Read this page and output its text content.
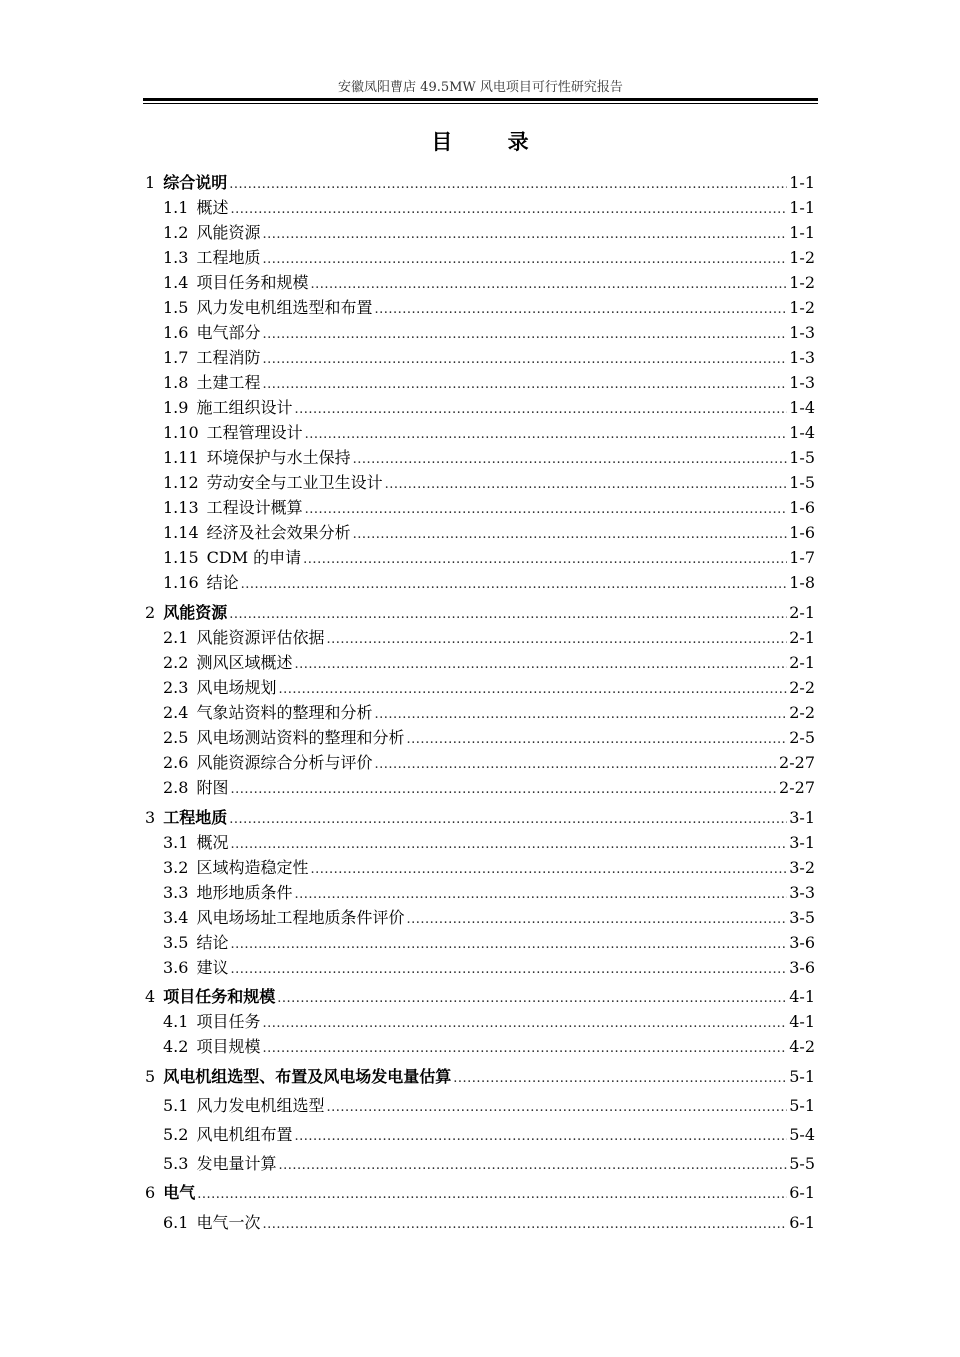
安徽凤阳曹店 49.5MW 风电项目可行性研究报告
目 录
1 综合说明 .....	1-1
1.1 概述 .....	1-1
1.2 风能资源 .....	1-1
1.3 工程地质 .....	1-2
1.4 项目任务和规模 .....	1-2
1.5 风力发电机组选型和布置 .....	1-2
1.6 电气部分 .....	1-3
1.7 工程消防 .....	1-3
1.8 土建工程 .....	1-3
1.9 施工组织设计 .....	1-4
1.10 工程管理设计 .....	1-4
1.11 环境保护与水土保持 .....	1-5
1.12 劳动安全与工业卫生设计 .....	1-5
1.13 工程设计概算 .....	1-6
1.14 经济及社会效果分析 .....	1-6
1.15 CDM 的申请 .....	1-7
1.16 结论 .....	1-8
2 风能资源 .....	2-1
2.1 风能资源评估依据 .....	2-1
2.2 测风区域概述 .....	2-1
2.3 风电场规划 .....	2-2
2.4 气象站资料的整理和分析 .....	2-2
2.5 风电场测站资料的整理和分析 .....	2-5
2.6 风能资源综合分析与评价 .....	2-27
2.8 附图 .....	2-27
3 工程地质 .....	3-1
3.1 概况 .....	3-1
3.2 区域构造稳定性 .....	3-2
3.3 地形地质条件 .....	3-3
3.4 风电场场址工程地质条件评价 .....	3-5
3.5 结论 .....	3-6
3.6 建议 .....	3-6
4 项目任务和规模 .....	4-1
4.1 项目任务 .....	4-1
4.2 项目规模 .....	4-2
5 风电机组选型、布置及风电场发电量估算 .....	5-1
5.1 风力发电机组选型 .....	5-1
5.2 风电机组布置 .....	5-4
5.3 发电量计算 .....	5-5
6 电气 .....	6-1
6.1 电气一次 .....	6-1
